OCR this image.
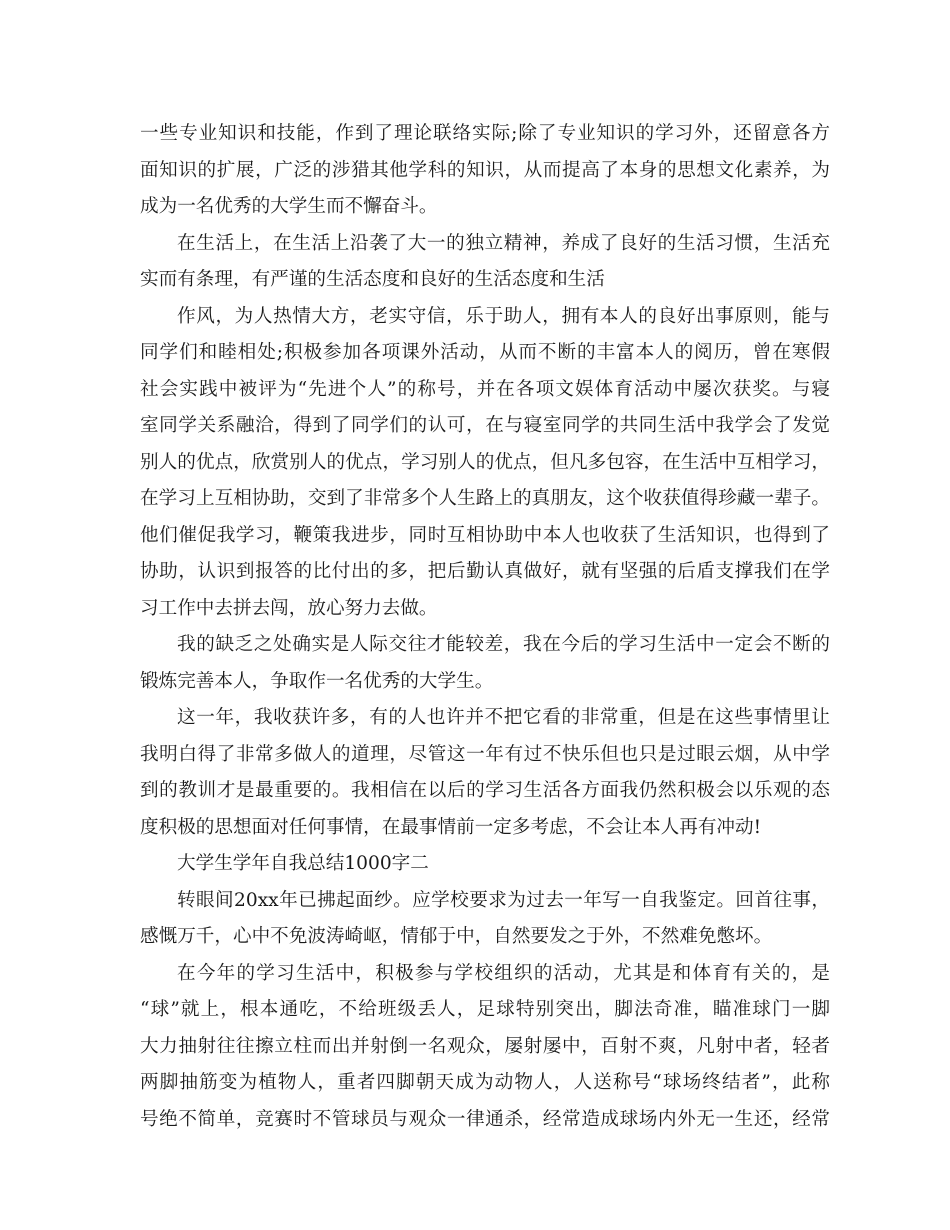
一些专业知识和技能，作到了理论联络实际;除了专业知识的学习外，还留意各方
面知识的扩展，广泛的涉猎其他学科的知识，从而提高了本身的思想文化素养，为
成为一名优秀的大学生而不懈奋斗。
在生活上，在生活上沿袭了大一的独立精神，养成了良好的生活习惯，生活充
实而有条理，有严谨的生活态度和良好的生活态度和生活
作风，为人热情大方，老实守信，乐于助人，拥有本人的良好出事原则，能与
同学们和睦相处;积极参加各项课外活动，从而不断的丰富本人的阅历，曾在寒假
社会实践中被评为“先进个人”的称号，并在各项文娱体育活动中屡次获奖。与寝
室同学关系融洽，得到了同学们的认可，在与寝室同学的共同生活中我学会了发觉
别人的优点，欣赏别人的优点，学习别人的优点，但凡多包容，在生活中互相学习，
在学习上互相协助，交到了非常多个人生路上的真朋友，这个收获值得珍藏一辈子。
他们催促我学习，鞭策我进步，同时互相协助中本人也收获了生活知识，也得到了
协助，认识到报答的比付出的多，把后勤认真做好，就有坚强的后盾支撑我们在学
习工作中去拼去闯，放心努力去做。
我的缺乏之处确实是人际交往才能较差，我在今后的学习生活中一定会不断的
锻炼完善本人，争取作一名优秀的大学生。
这一年，我收获许多，有的人也许并不把它看的非常重，但是在这些事情里让
我明白得了非常多做人的道理，尽管这一年有过不快乐但也只是过眼云烟，从中学
到的教训才是最重要的。我相信在以后的学习生活各方面我仍然积极会以乐观的态
度积极的思想面对任何事情，在最事情前一定多考虑，不会让本人再有冲动!
大学生学年自我总结1000字二
转眼间20xx年已拂起面纱。应学校要求为过去一年写一自我鉴定。回首往事，
感慨万千，心中不免波涛崎岖，情郁于中，自然要发之于外，不然难免憋坏。
在今年的学习生活中，积极参与学校组织的活动，尤其是和体育有关的，是
“球”就上，根本通吃，不给班级丢人，足球特别突出，脚法奇准，瞄准球门一脚
大力抽射往往擦立柱而出并射倒一名观众，屡射屡中，百射不爽，凡射中者，轻者
两脚抽筋变为植物人，重者四脚朝天成为动物人，人送称号“球场终结者”，此称
号绝不简单，竞赛时不管球员与观众一律通杀，经常造成球场内外无一生还，经常
